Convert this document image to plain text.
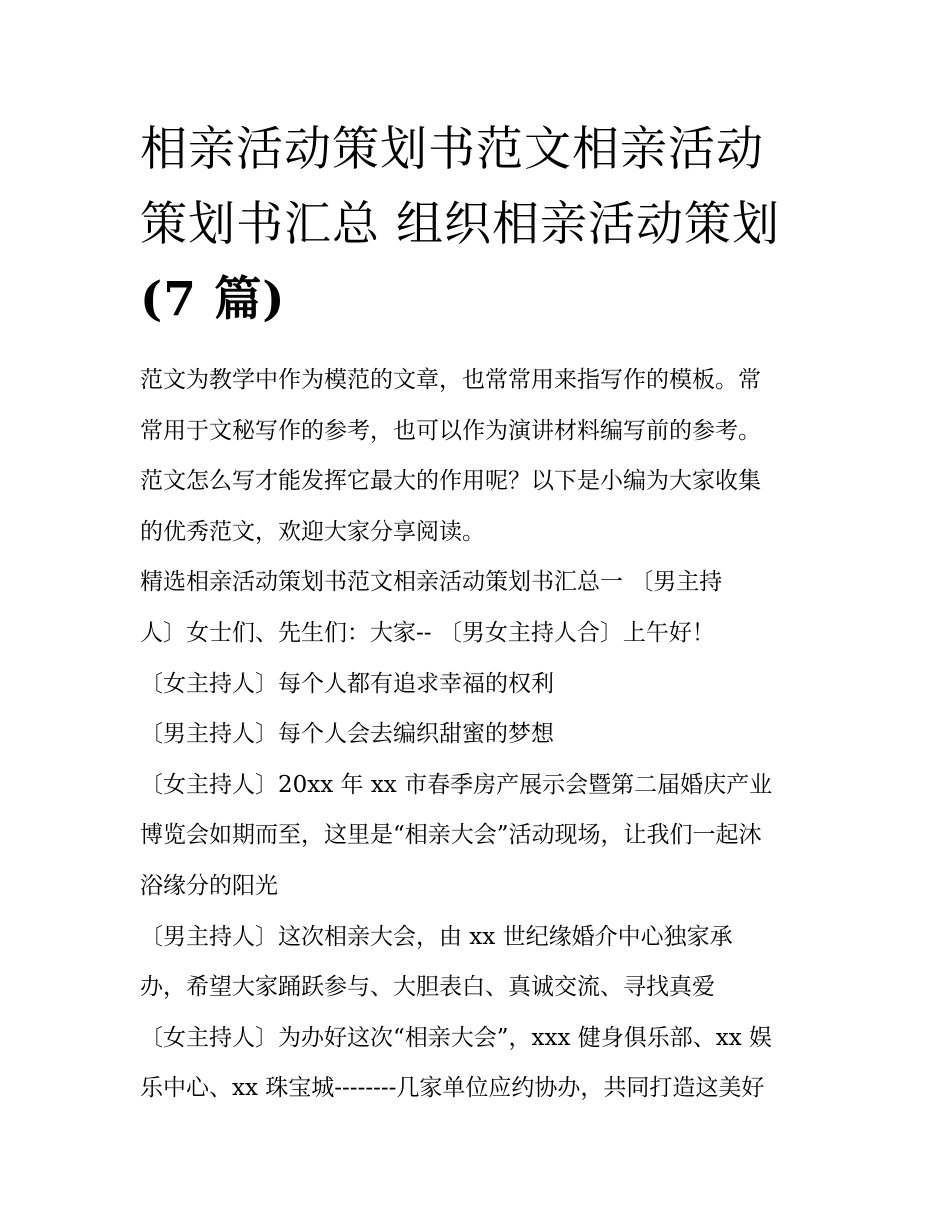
相亲活动策划书范文相亲活动
策划书汇总 组织相亲活动策划
(7 篇)
范文为教学中作为模范的文章，也常常用来指写作的模板。常
常用于文秘写作的参考，也可以作为演讲材料编写前的参考。
范文怎么写才能发挥它最大的作用呢？以下是小编为大家收集
的优秀范文，欢迎大家分享阅读。
精选相亲活动策划书范文相亲活动策划书汇总一 〔男主持
人〕女士们、先生们：大家-- 〔男女主持人合〕上午好！
〔女主持人〕每个人都有追求幸福的权利
〔男主持人〕每个人会去编织甜蜜的梦想
〔女主持人〕20xx 年 xx 市春季房产展示会暨第二届婚庆产业
博览会如期而至，这里是“相亲大会”活动现场，让我们一起沐
浴缘分的阳光
〔男主持人〕这次相亲大会，由 xx 世纪缘婚介中心独家承
办，希望大家踊跃参与、大胆表白、真诚交流、寻找真爱
〔女主持人〕为办好这次“相亲大会”，xxx 健身俱乐部、xx 娱
乐中心、xx 珠宝城--------几家单位应约协办，共同打造这美好
